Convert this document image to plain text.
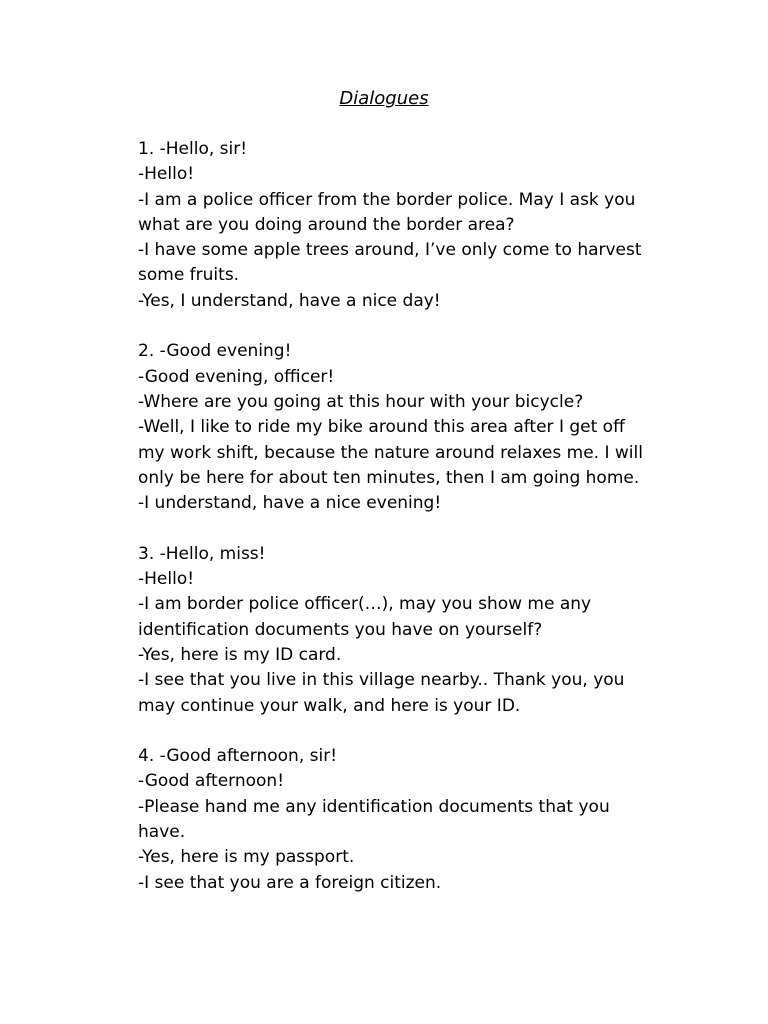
Dialogues
1. -Hello, sir!
-Hello!
-I am a police officer from the border police. May I ask you
what are you doing around the border area?
-I have some apple trees around, I’ve only come to harvest
some fruits.
-Yes, I understand, have a nice day!
2. -Good evening!
-Good evening, officer!
-Where are you going at this hour with your bicycle?
-Well, I like to ride my bike around this area after I get off
my work shift, because the nature around relaxes me. I will
only be here for about ten minutes, then I am going home.
-I understand, have a nice evening!
3. -Hello, miss!
-Hello!
-I am border police officer(…), may you show me any
identification documents you have on yourself?
-Yes, here is my ID card.
-I see that you live in this village nearby.. Thank you, you
may continue your walk, and here is your ID.
4. -Good afternoon, sir!
-Good afternoon!
-Please hand me any identification documents that you
have.
-Yes, here is my passport.
-I see that you are a foreign citizen.
